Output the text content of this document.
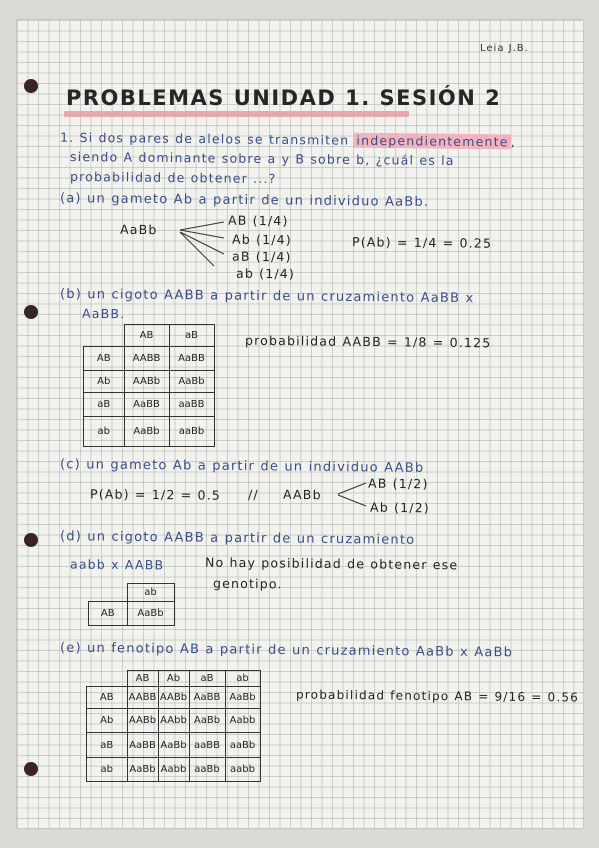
Leia J.B.
PROBLEMAS UNIDAD 1. SESIÓN 2
1. Si dos pares de alelos se transmiten independientemente ,
siendo A dominante sobre a y B sobre b, ¿cuál es la
probabilidad de obtener ...?
(a) un gameto Ab a partir de un individuo AaBb.
AaBb
AB (1/4)
Ab (1/4)
aB (1/4)
ab (1/4)
P(Ab) = 1/4 = 0.25
(b) un cigoto AABB a partir de un cruzamiento AaBB x
AaBB.
	AB	aB
AB	AABB	AaBB
Ab	AABb	AaBb
aB	AaBB	aaBB
ab	AaBb	aaBb
probabilidad AABB = 1/8 = 0.125
(c) un gameto Ab a partir de un individuo AABb
P(Ab) = 1/2 = 0.5 // AABb
AB (1/2)
Ab (1/2)
(d) un cigoto AABB a partir de un cruzamiento
aabb x AABB	No hay posibilidad de obtener ese
genotipo.
	ab
AB	AaBb
(e) un fenotipo AB a partir de un cruzamiento AaBb x AaBb
	AB	Ab	aB	ab
AB	AABB	AABb	AaBB	AaBb
Ab	AABb	AAbb	AaBb	Aabb
aB	AaBB	AaBb	aaBB	aaBb
ab	AaBb	Aabb	aaBb	aabb
probabilidad fenotipo AB = 9/16 = 0.56
